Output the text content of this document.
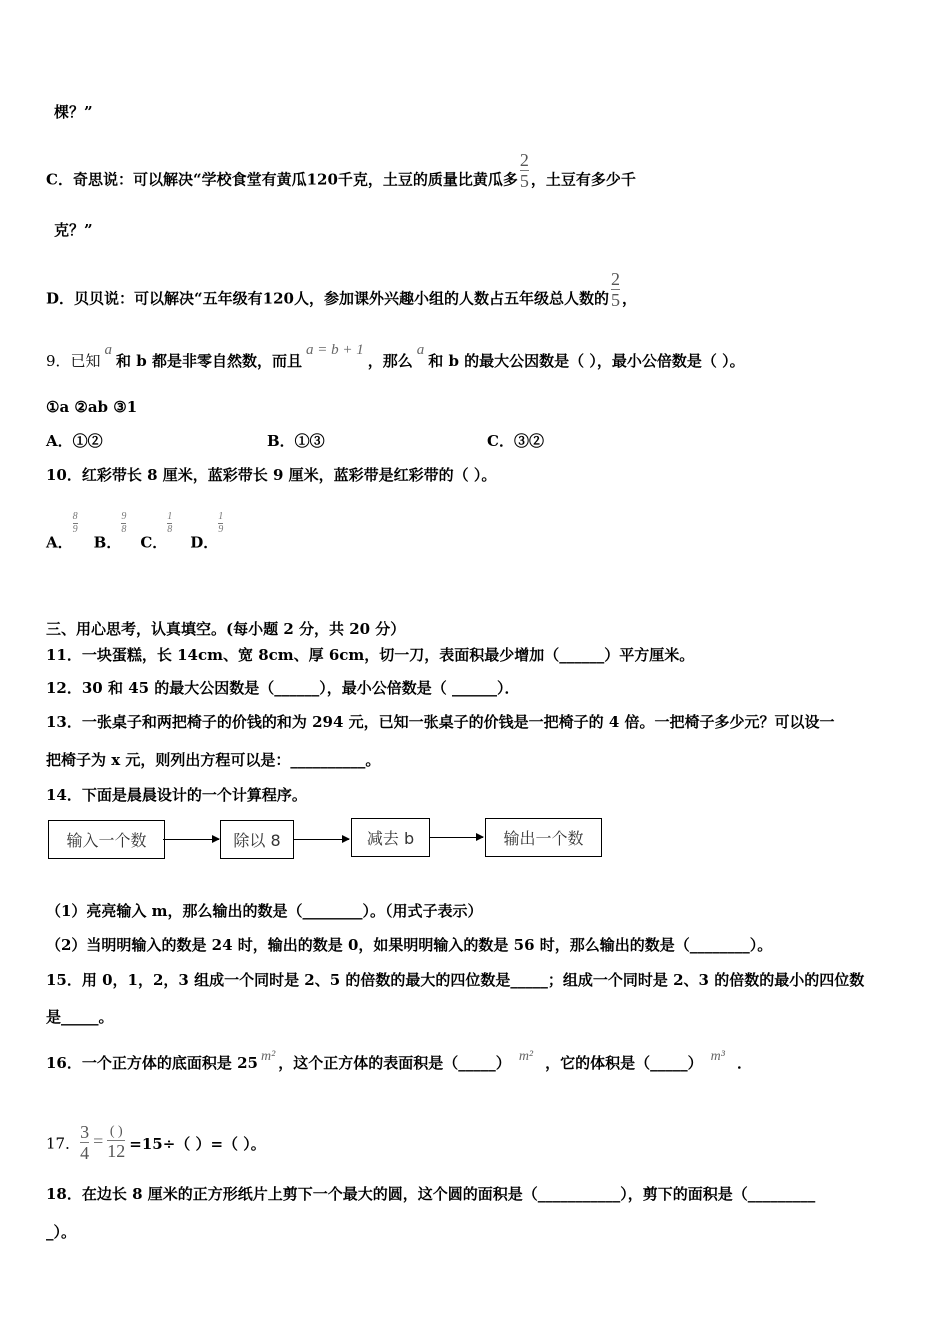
棵？”
C．奇思说：可以解决“学校食堂有黄瓜120千克，土豆的质量比黄瓜多 $\frac{2}{5}$ ，土豆有多少千
克？”
D．贝贝说：可以解决“五年级有120人，参加课外兴趣小组的人数占五年级总人数的 $\frac{2}{5}$ ，
9．已知a和 b 都是非零自然数，而且a = b + 1，那么a和 b 的最大公因数是（ ），最小公倍数是（ ）。
①a ②ab ③1
A．①②	B．①③	C．③②
10．红彩带长 8 厘米，蓝彩带长 9 厘米，蓝彩带是红彩带的（ ）。
A．
$\frac{8}{9}$
B．
$\frac{9}{8}$
C．
$\frac{1}{8}$
D．
$\frac{1}{9}$
三、用心思考，认真填空。(每小题 2 分，共 20 分）
11．一块蛋糕，长 14cm、宽 8cm、厚 6cm，切一刀，表面积最少增加（______）平方厘米。
12．30 和 45 的最大公因数是（______），最小公倍数是（ ______）．
13．一张桌子和两把椅子的价钱的和为 294 元，已知一张桌子的价钱是一把椅子的 4 倍。一把椅子多少元？可以设一
把椅子为 x 元，则列出方程可以是：__________。
14．下面是晨晨设计的一个计算程序。
输入一个数	除以 8	减去 b	输出一个数
（1）亮亮输入 m，那么输出的数是（________）。（用式子表示）
（2）当明明输入的数是 24 时，输出的数是 0，如果明明输入的数是 56 时，那么输出的数是（________）。
15．用 0，1，2，3 组成一个同时是 2、5 的倍数的最大的四位数是_____；组成一个同时是 2、3 的倍数的最小的四位数
是_____。
16．一个正方体的底面积是 25 m² ，这个正方体的表面积是（_____） m² ，它的体积是（_____） m³ ．
17． $\frac{3}{4} = \frac{( )}{12} =15\div$（ ）=（ ）。
18．在边长 8 厘米的正方形纸片上剪下一个最大的圆，这个圆的面积是（___________），剪下的面积是（_________
_）。
